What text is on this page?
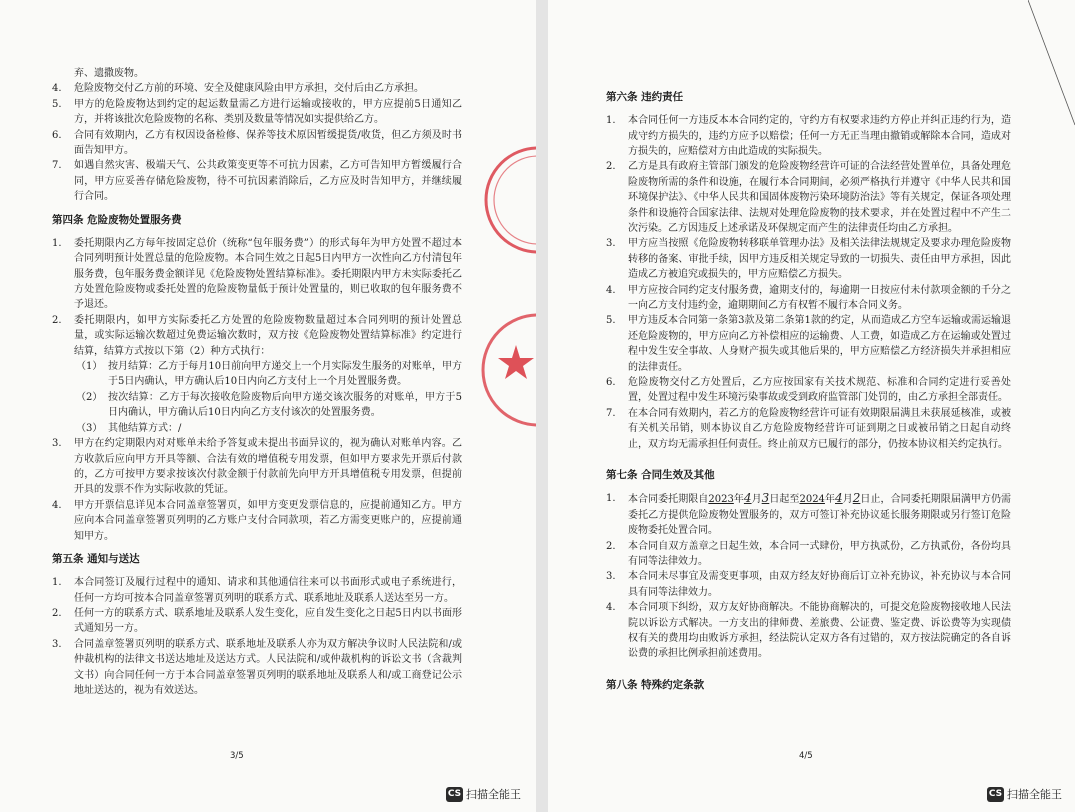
弃、遗撒废物。
4.	危险废物交付乙方前的环境、安全及健康风险由甲方承担，交付后由乙方承担。
5.	甲方的危险废物达到约定的起运数量需乙方进行运输或接收的，甲方应提前5日通知乙方，并将该批次危险废物的名称、类别及数量等情况如实提供给乙方。
6.	合同有效期内，乙方有权因设备检修、保养等技术原因暂缓提货/收货，但乙方须及时书面告知甲方。
7.	如遇自然灾害、极端天气、公共政策变更等不可抗力因素，乙方可告知甲方暂缓履行合同，甲方应妥善存储危险废物，待不可抗因素消除后，乙方应及时告知甲方，并继续履行合同。
第四条 危险废物处置服务费
1.	委托期限内乙方每年按固定总价（统称“包年服务费”）的形式每年为甲方处置不超过本合同列明预计处置总量的危险废物。本合同生效之日起5日内甲方一次性向乙方付清包年服务费，包年服务费金额详见《危险废物处置结算标准》。委托期限内甲方未实际委托乙方处置危险废物或委托处置的危险废物量低于预计处置量的，则已收取的包年服务费不予退还。
2.	委托期限内，如甲方实际委托乙方处置的危险废物数量超过本合同列明的预计处置总量，或实际运输次数超过免费运输次数时，双方按《危险废物处置结算标准》约定进行结算，结算方式按以下第（2）种方式执行：
（1） 按月结算：乙方于每月10日前向甲方递交上一个月实际发生服务的对账单，甲方于5日内确认，甲方确认后10日内向乙方支付上一个月处置服务费。
（2） 按次结算：乙方于每次接收危险废物后向甲方递交该次服务的对账单，甲方于5日内确认，甲方确认后10日内向乙方支付该次的处置服务费。
（3） 其他结算方式：/
3.	甲方在约定期限内对对账单未给予答复或未提出书面异议的，视为确认对账单内容。乙方收款后应向甲方开具等额、合法有效的增值税专用发票，但如甲方要求先开票后付款的，乙方可按甲方要求按该次付款金额于付款前先向甲方开具增值税专用发票，但提前开具的发票不作为实际收款的凭证。
4.	甲方开票信息详见本合同盖章签署页，如甲方变更发票信息的，应提前通知乙方。甲方应向本合同盖章签署页列明的乙方账户支付合同款项，若乙方需变更账户的，应提前通知甲方。
第五条 通知与送达
1.	本合同签订及履行过程中的通知、请求和其他通信往来可以书面形式或电子系统进行，任何一方均可按本合同盖章签署页列明的联系方式、联系地址及联系人送达至另一方。
2.	任何一方的联系方式、联系地址及联系人发生变化，应自发生变化之日起5日内以书面形式通知另一方。
3.	合同盖章签署页列明的联系方式、联系地址及联系人亦为双方解决争议时人民法院和/或仲裁机构的法律文书送达地址及送达方式。人民法院和/或仲裁机构的诉讼文书（含裁判文书）向合同任何一方于本合同盖章签署页列明的联系地址及联系人和/或工商登记公示地址送达的，视为有效送达。
3/5
CS 扫描全能王
第六条 违约责任
1.	本合同任何一方违反本本合同约定的，守约方有权要求违约方停止并纠正违约行为，造成守约方损失的，违约方应予以赔偿；任何一方无正当理由撤销或解除本合同，造成对方损失的，应赔偿对方由此造成的实际损失。
2.	乙方是具有政府主管部门颁发的危险废物经营许可证的合法经营处置单位，具备处理危险废物所需的条件和设施，在履行本合同期间，必须严格执行并遵守《中华人民共和国环境保护法》、《中华人民共和国固体废物污染环境防治法》等有关规定，保证各项处理条件和设施符合国家法律、法规对处理危险废物的技术要求，并在处置过程中不产生二次污染。乙方因违反上述承诺及环保规定而产生的法律责任均由乙方承担。
3.	甲方应当按照《危险废物转移联单管理办法》及相关法律法规规定及要求办理危险废物转移的备案、审批手续，因甲方违反相关规定导致的一切损失、责任由甲方承担，因此造成乙方被追究或损失的，甲方应赔偿乙方损失。
4.	甲方应按合同约定支付服务费，逾期支付的，每逾期一日按应付未付款项金额的千分之一向乙方支付违约金，逾期期间乙方有权暂不履行本合同义务。
5.	甲方违反本合同第一条第3款及第二条第1款的约定，从而造成乙方空车运输或需运输退还危险废物的，甲方应向乙方补偿相应的运输费、人工费，如造成乙方在运输或处置过程中发生安全事故、人身财产损失或其他后果的，甲方应赔偿乙方经济损失并承担相应的法律责任。
6.	危险废物交付乙方处置后，乙方应按国家有关技术规范、标准和合同约定进行妥善处置，处置过程中发生环境污染事故或受到政府监管部门处罚的，由乙方承担全部责任。
7.	在本合同有效期内，若乙方的危险废物经营许可证有效期限届满且未获展延核准，或被有关机关吊销，则本协议自乙方危险废物经营许可证到期之日或被吊销之日起自动终止，双方均无需承担任何责任。终止前双方已履行的部分，仍按本协议相关约定执行。
第七条 合同生效及其他
1.	本合同委托期限自2023年4月3日起至2024年4月2日止，合同委托期限届满甲方仍需委托乙方提供危险废物处置服务的，双方可签订补充协议延长服务期限或另行签订危险废物委托处置合同。
2.	本合同自双方盖章之日起生效，本合同一式肆份，甲方执贰份，乙方执贰份，各份均具有同等法律效力。
3.	本合同未尽事宜及需变更事项，由双方经友好协商后订立补充协议，补充协议与本合同具有同等法律效力。
4.	本合同项下纠纷，双方友好协商解决。不能协商解决的，可提交危险废物接收地人民法院以诉讼方式解决。一方支出的律师费、差旅费、公证费、鉴定费、诉讼费等为实现债权有关的费用均由败诉方承担，经法院认定双方各有过错的，双方按法院确定的各自诉讼费的承担比例承担前述费用。
第八条 特殊约定条款
4/5
CS 扫描全能王
